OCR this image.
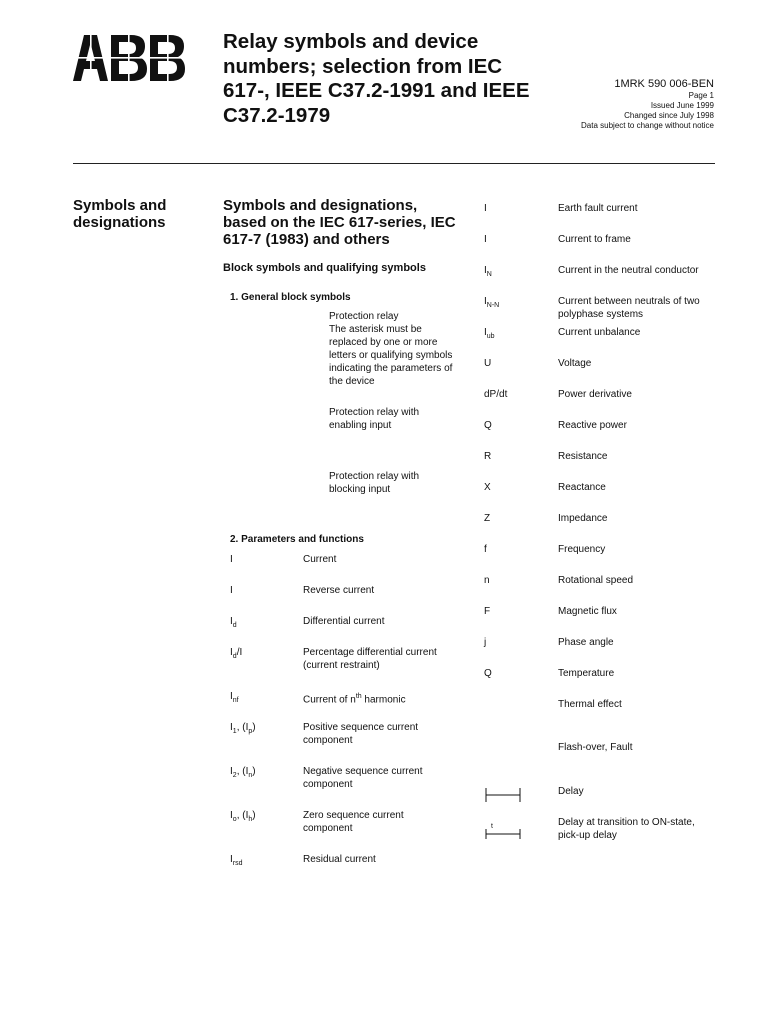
Relay symbols and device numbers; selection from IEC 617-, IEEE C37.2-1991 and IEEE C37.2-1979
1MRK 590 006-BEN
Page 1
Issued June 1999
Changed since July 1998
Data subject to change without notice
Symbols and designations
Symbols and designations, based on the IEC 617-series, IEC 617-7 (1983) and others
Block symbols and qualifying symbols
1. General block symbols
Protection relay
The asterisk must be replaced by one or more letters or qualifying symbols indicating the parameters of the device
Protection relay with enabling input
Protection relay with blocking input
2. Parameters and functions
I	Current
I	Reverse current
$I_d$	Differential current
$I_d/I$	Percentage differential current (current restraint)
$I_{nf}$	Current of $n^{th}$ harmonic
$I_1$, $(I_p)$	Positive sequence current component
$I_2$, $(I_n)$	Negative sequence current component
$I_o$, $(I_h)$	Zero sequence current component
$I_{rsd}$	Residual current
I	Earth fault current
I	Current to frame
$I_N$	Current in the neutral conductor
$I_{N-N}$	Current between neutrals of two polyphase systems
$I_{ub}$	Current unbalance
U	Voltage
dP/dt	Power derivative
Q	Reactive power
R	Resistance
X	Reactance
Z	Impedance
f	Frequency
n	Rotational speed
F	Magnetic flux
j	Phase angle
Q	Temperature
Thermal effect
Flash-over, Fault
Delay
t	Delay at transition to ON-state, pick-up delay
